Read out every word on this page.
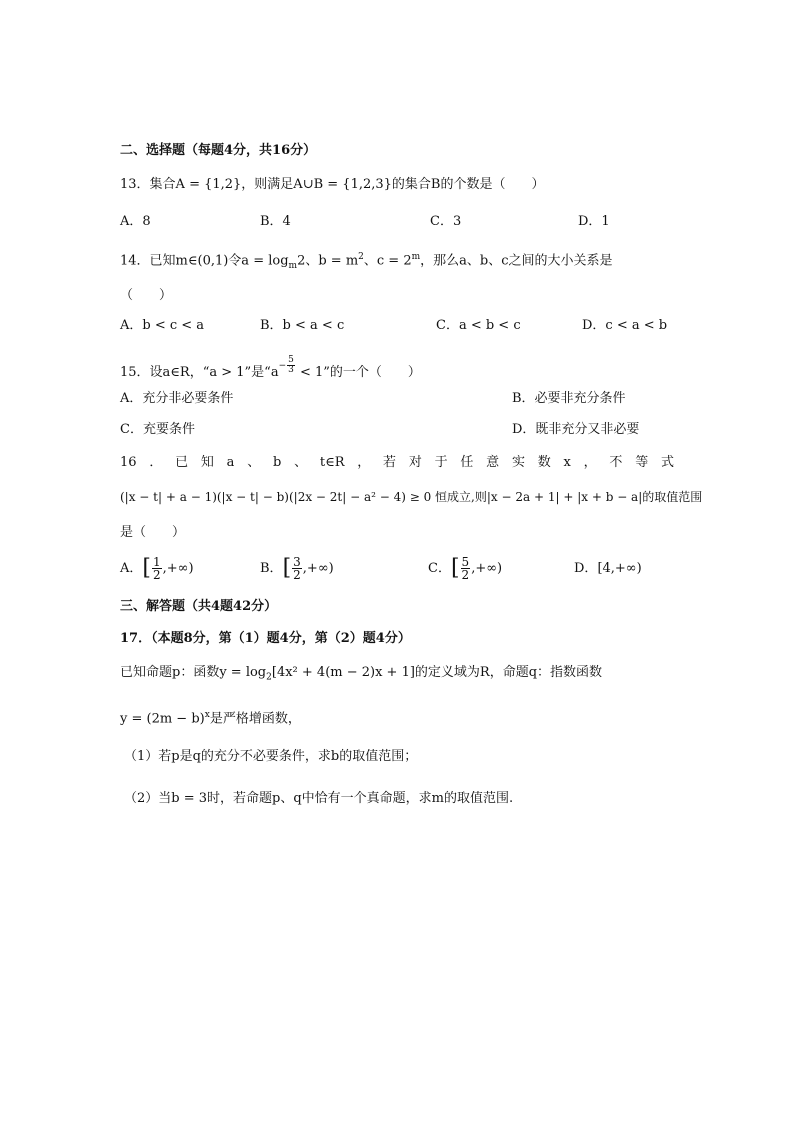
二、选择题（每题4分，共16分）
13．集合A = {1,2}，则满足A∪B = {1,2,3}的集合B的个数是（　　）
A．8	B．4	C．3	D．1
14．已知m∈(0,1)令$a = \log_m2$、$b = m^2$、$c = 2^m$，那么a、b、c之间的大小关系是
（　　）
A．b < c < a	B．b < a < c	C．a < b < c	D．c < a < b
15．设a∈R，“a > 1”是“$a^{- \frac{5}{3}} < 1$”的一个（　　）
A．充分非必要条件	B．必要非充分条件
C．充要条件	D．既非充分又非必要
16．已知a、b、t∈R，若对于任意实数x，不等式
(|x − t| + a − 1)(|x − t| − b)(|2x − 2t| − a² − 4) ≥ 0 恒成立,则|x − 2a + 1| + |x + b − a|的取值范围
是（　　）
A．[ $\frac{1}{2}$ ,+∞)	B．[ $\frac{3}{2}$ ,+∞)	C．[ $\frac{5}{2}$ ,+∞)	D．[4,+∞)
三、解答题（共4题42分）
17．（本题8分，第（1）题4分，第（2）题4分）
已知命题p：函数$y = \log_2[4x^2 + 4(m - 2)x + 1]$的定义域为R，命题q：指数函数
$y = (2m - b)^x$是严格增函数，
（1）若p是q的充分不必要条件，求b的取值范围；
（2）当b = 3时，若命题p、q中恰有一个真命题，求m的取值范围.
